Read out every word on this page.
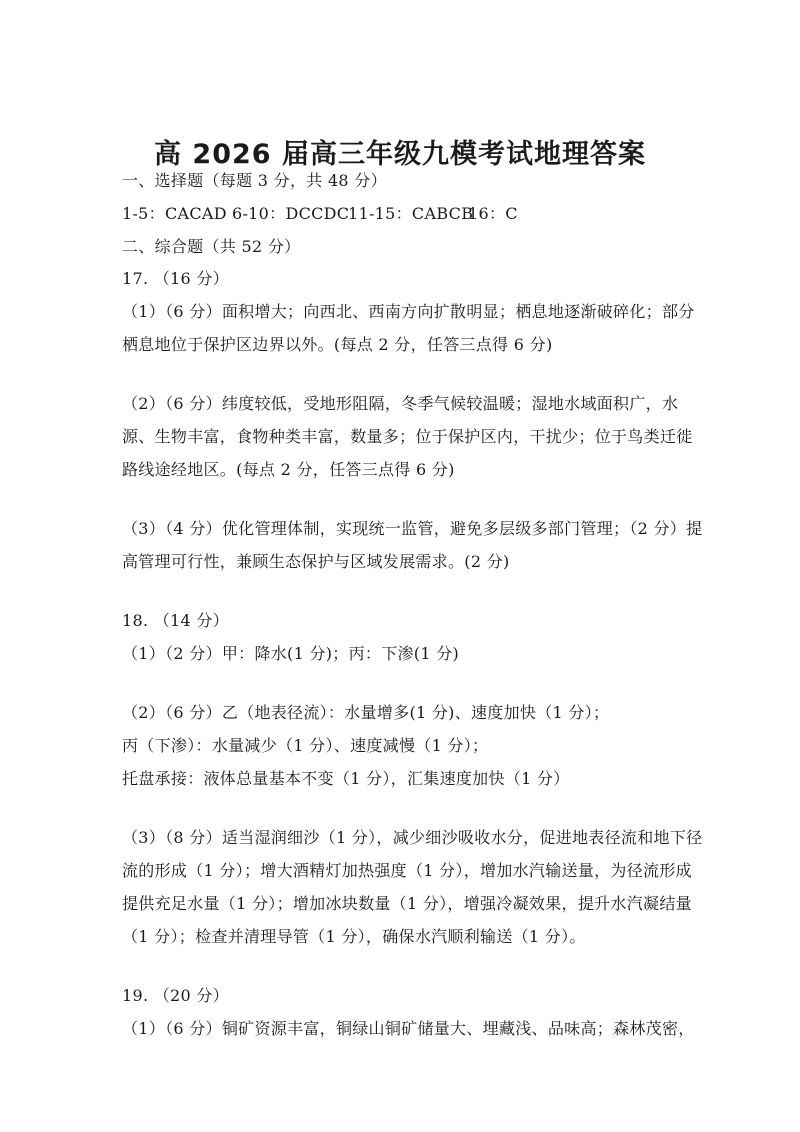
高 2026 届高三年级九模考试地理答案
一、选择题（每题 3 分，共 48 分）
1-5：CACAD 6-10：DCCDC11-15：CABCB16：C
二、综合题（共 52 分）
17. （16 分）
（1）（6 分）面积增大；向西北、西南方向扩散明显；栖息地逐渐破碎化；部分
栖息地位于保护区边界以外。(每点 2 分，任答三点得 6 分)
（2）（6 分）纬度较低，受地形阻隔，冬季气候较温暖；湿地水域面积广，水
源、生物丰富，食物种类丰富，数量多；位于保护区内，干扰少；位于鸟类迁徙
路线途经地区。(每点 2 分，任答三点得 6 分)
（3）（4 分）优化管理体制，实现统一监管，避免多层级多部门管理；（2 分）提
高管理可行性，兼顾生态保护与区域发展需求。(2 分)
18. （14 分）
（1）（2 分）甲：降水(1 分)；丙：下渗(1 分)
（2）（6 分）乙（地表径流）：水量增多(1 分)、速度加快（1 分）；
丙（下渗）：水量减少（1 分）、速度减慢（1 分）；
托盘承接：液体总量基本不变（1 分），汇集速度加快（1 分）
（3）（8 分）适当湿润细沙（1 分），减少细沙吸收水分，促进地表径流和地下径
流的形成（1 分）；增大酒精灯加热强度（1 分），增加水汽输送量，为径流形成
提供充足水量（1 分）；增加冰块数量（1 分），增强冷凝效果，提升水汽凝结量
（1 分）；检查并清理导管（1 分），确保水汽顺利输送（1 分）。
19. （20 分）
（1）（6 分）铜矿资源丰富，铜绿山铜矿储量大、埋藏浅、品味高；森林茂密，
